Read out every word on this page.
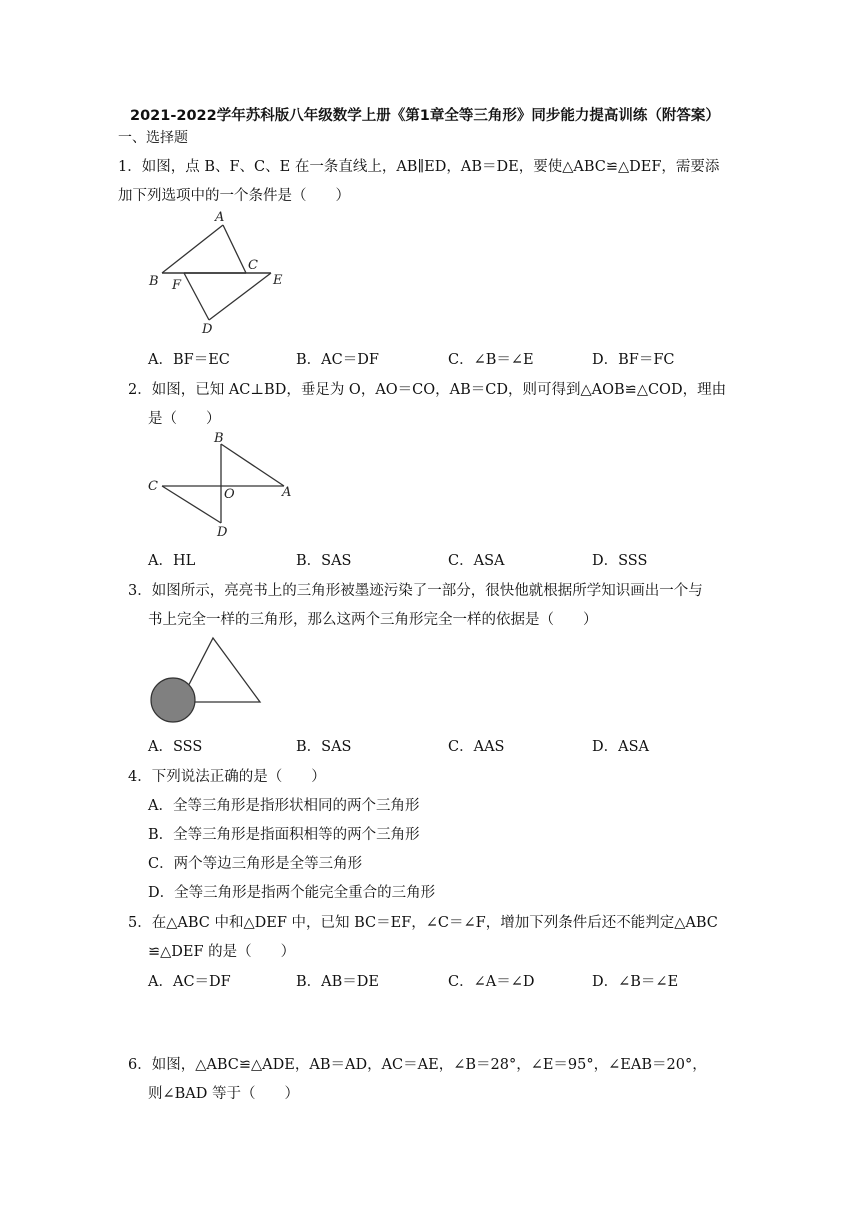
2021-2022学年苏科版八年级数学上册《第1章全等三角形》同步能力提高训练（附答案）
一、选择题
1．如图，点 B、F、C、E 在一条直线上，AB∥ED，AB＝DE，要使△ABC≌△DEF，需要添
加下列选项中的一个条件是（　　）
A
B F
C
E
D
A．BF＝EC	B．AC＝DF	C．∠B＝∠E	D．BF＝FC
2．如图，已知 AC⊥BD，垂足为 O，AO＝CO，AB＝CD，则可得到△AOB≌△COD，理由
是（　　）
B
C
O	A
D
A．HL	B．SAS	C．ASA	D．SSS
3．如图所示，亮亮书上的三角形被墨迹污染了一部分，很快他就根据所学知识画出一个与
书上完全一样的三角形，那么这两个三角形完全一样的依据是（　　）
A．SSS	B．SAS	C．AAS	D．ASA
4．下列说法正确的是（　　）
A．全等三角形是指形状相同的两个三角形
B．全等三角形是指面积相等的两个三角形
C．两个等边三角形是全等三角形
D．全等三角形是指两个能完全重合的三角形
5．在△ABC 中和△DEF 中，已知 BC＝EF，∠C＝∠F，增加下列条件后还不能判定△ABC
≌△DEF 的是（　　）
A．AC＝DF	B．AB＝DE	C．∠A＝∠D	D．∠B＝∠E
6．如图，△ABC≌△ADE，AB＝AD，AC＝AE，∠B＝28°，∠E＝95°，∠EAB＝20°，
则∠BAD 等于（　　）
